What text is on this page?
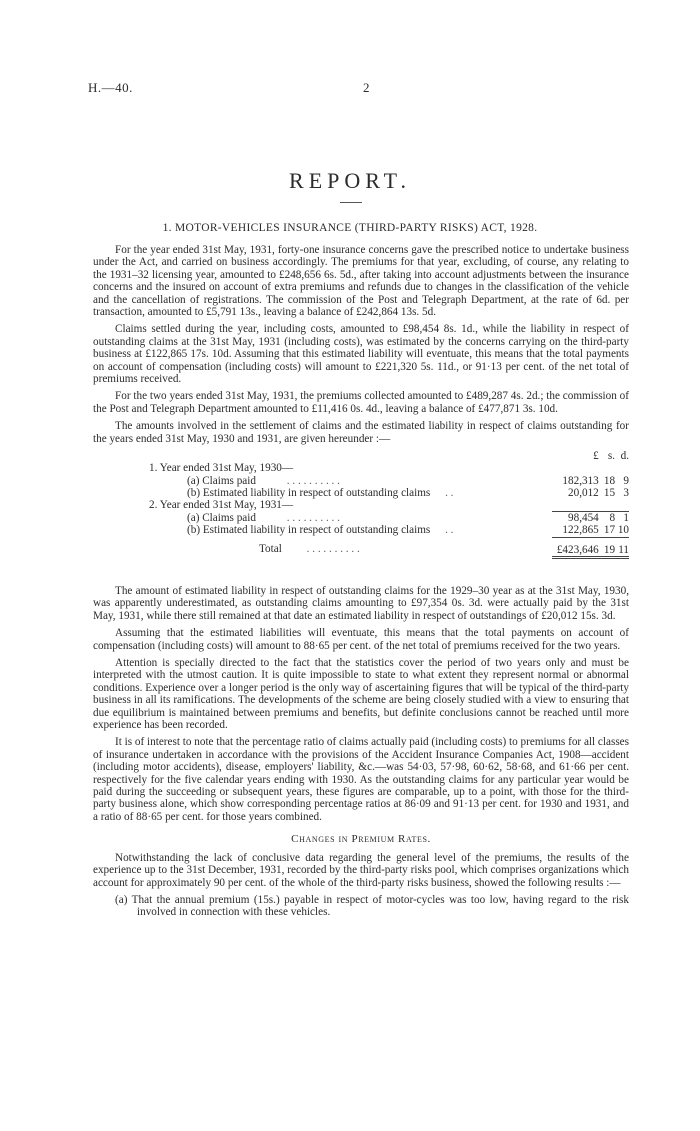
H.—40.	2
REPORT.
1. MOTOR-VEHICLES INSURANCE (THIRD-PARTY RISKS) ACT, 1928.

For the year ended 31st May, 1931, forty-one insurance concerns gave the prescribed notice to undertake business under the Act, and carried on business accordingly. The premiums for that year, excluding, of course, any relating to the 1931–32 licensing year, amounted to £248,656 6s. 5d., after taking into account adjustments between the insurance concerns and the insured on account of extra premiums and refunds due to changes in the classification of the vehicle and the cancellation of registrations. The commission of the Post and Telegraph Department, at the rate of 6d. per transaction, amounted to £5,791 13s., leaving a balance of £242,864 13s. 5d.

Claims settled during the year, including costs, amounted to £98,454 8s. 1d., while the liability in respect of outstanding claims at the 31st May, 1931 (including costs), was estimated by the concerns carrying on the third-party business at £122,865 17s. 10d. Assuming that this estimated liability will eventuate, this means that the total payments on account of compensation (including costs) will amount to £221,320 5s. 11d., or 91·13 per cent. of the net total of premiums received.

For the two years ended 31st May, 1931, the premiums collected amounted to £489,287 4s. 2d.; the commission of the Post and Telegraph Department amounted to £11,416 0s. 4d., leaving a balance of £477,871 3s. 10d.

The amounts involved in the settlement of claims and the estimated liability in respect of claims outstanding for the years ended 31st May, 1930 and 1931, are given hereunder :—

	£	s.	d.
1. Year ended 31st May, 1930—			
(a) Claims paid . . . . . . . . . .	182,313	18	9
(b) Estimated liability in respect of outstanding claims . .	20,012	15	3
2. Year ended 31st May, 1931—			
(a) Claims paid . . . . . . . . . .	98,454	8	1
(b) Estimated liability in respect of outstanding claims . .	122,865	17	10
Total . . . . . . . . . .	£423,646	19	11

The amount of estimated liability in respect of outstanding claims for the 1929–30 year as at the 31st May, 1930, was apparently underestimated, as outstanding claims amounting to £97,354 0s. 3d. were actually paid by the 31st May, 1931, while there still remained at that date an estimated liability in respect of outstandings of £20,012 15s. 3d.

Assuming that the estimated liabilities will eventuate, this means that the total payments on account of compensation (including costs) will amount to 88·65 per cent. of the net total of premiums received for the two years.

Attention is specially directed to the fact that the statistics cover the period of two years only and must be interpreted with the utmost caution. It is quite impossible to state to what extent they represent normal or abnormal conditions. Experience over a longer period is the only way of ascertaining figures that will be typical of the third-party business in all its ramifications. The developments of the scheme are being closely studied with a view to ensuring that due equilibrium is maintained between premiums and benefits, but definite conclusions cannot be reached until more experience has been recorded.

It is of interest to note that the percentage ratio of claims actually paid (including costs) to premiums for all classes of insurance undertaken in accordance with the provisions of the Accident Insurance Companies Act, 1908—accident (including motor accidents), disease, employers' liability, &c.—was 54·03, 57·98, 60·62, 58·68, and 61·66 per cent. respectively for the five calendar years ending with 1930. As the outstanding claims for any particular year would be paid during the succeeding or subsequent years, these figures are comparable, up to a point, with those for the third-party business alone, which show corresponding percentage ratios at 86·09 and 91·13 per cent. for 1930 and 1931, and a ratio of 88·65 per cent. for those years combined.

Changes in Premium Rates.

Notwithstanding the lack of conclusive data regarding the general level of the premiums, the results of the experience up to the 31st December, 1931, recorded by the third-party risks pool, which comprises organizations which account for approximately 90 per cent. of the whole of the third-party risks business, showed the following results :—

(a) That the annual premium (15s.) payable in respect of motor-cycles was too low, having regard to the risk involved in connection with these vehicles.
